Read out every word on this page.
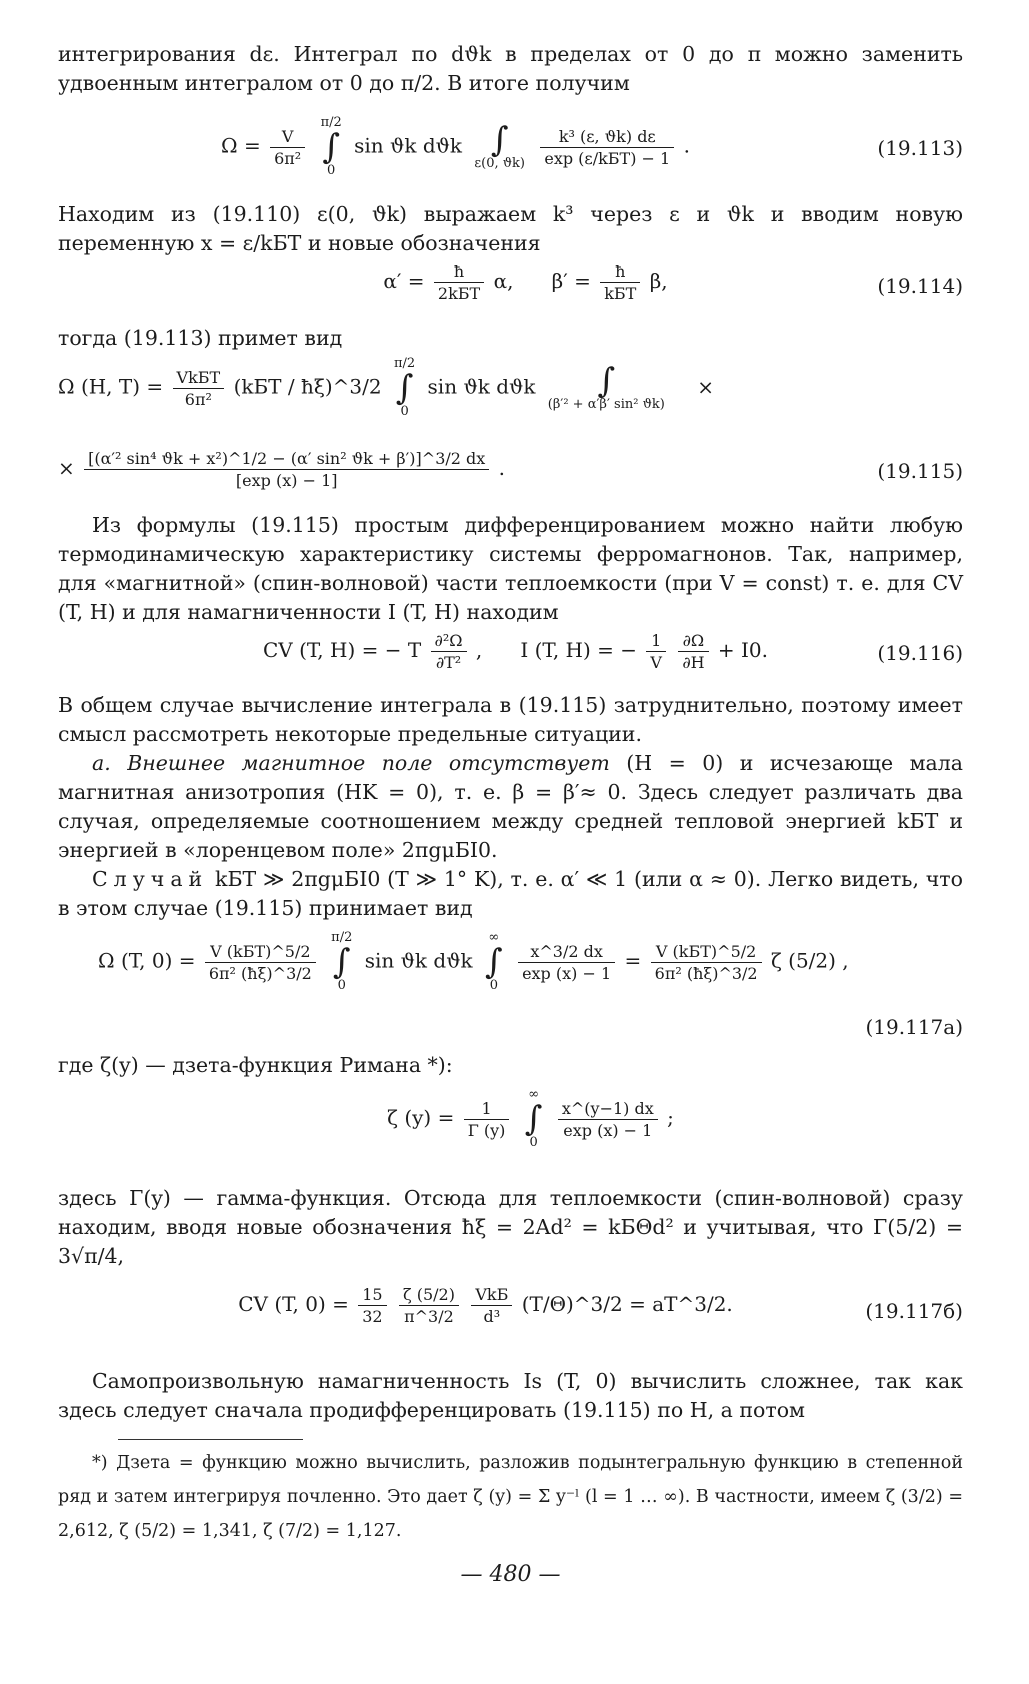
интегрирования dε. Интеграл по dϑk в пределах от 0 до π можно заменить удвоенным интегралом от 0 до π/2. В итоге получим

$\Omega = \frac{V}{\text{6π²}}$

π/2
∫
0
sin ϑk dϑk ∫
ε(0, ϑk)
$\frac{\text{k³ (ε, ϑk) dε}}{\text{exp (ε/kБT) − 1}}$ .	(19.113)

Находим из (19.110) ε(0, ϑk) выражаем k³ через ε и ϑk и вводим новую переменную x = ε/kБT и новые обозначения

$\alpha' = \frac{ħ}{\text{2kБT}} \alpha$, $\beta' = \frac{ħ}{\text{kБT}} \beta$,	(19.114)

тогда (19.113) примет вид

Ω (H, $T) = \frac{\text{VkБT}}{\text{6π²}} (kБT$ / ħξ)^3/2
π/2
∫
0
sin ϑk dϑk	∫
(β′² + α′β′ sin² ϑk)
×
× $\frac{\text{[(α′² sin⁴ ϑk + x²)\textasciicircum{}1/2 − (α′ sin² ϑk + β′)]\textasciicircum{}3/2 dx}}{[\exp (x) - 1]}$ .	(19.115)

Из формулы (19.115) простым дифференцированием можно найти любую термодинамическую характеристику системы ферромагнонов. Так, например, для «магнитной» (спин-волновой) части теплоемкости (при V = const) т. е. для CV (T, H) и для намагниченности I (T, H) находим

CV (T, H) = − T $\frac{\text{∂²Ω}}{\text{∂T²}}$ , I (T, H) = − $\frac{1}{V}$
$\frac{\partial\Omega}{\partial H} + I0$.	(19.116)

В общем случае вычисление интеграла в (19.115) затруднительно, поэтому имеет смысл рассмотреть некоторые предельные ситуации.

а. Внешнее магнитное поле отсутствует (H = 0) и исчезающе мала магнитная анизотропия (HK = 0), т. е. β = β′≈ 0. Здесь следует различать два случая, определяемые соотношением между средней тепловой энергией kБT и энергией в «лоренцевом поле» 2πgμБI0.

Случай kБT ≫ 2πgμБI0 (T ≫ 1° K), т. е. α′ ≪ 1 (или α ≈ 0). Легко видеть, что в этом случае (19.115) принимает вид

Ω (T, $0) = \frac{\text{V (kБT)\textasciicircum{}5/2}}{\text{6π² (ħξ)\textasciicircum{}3/2}}$

π/2
∫
0
sin ϑk dϑk
∞
∫
0

$\frac{x\^{}3/2 dx}{\exp (x) - 1} = \frac{\text{V (kБT)\textasciicircum{}5/2}}{\text{6π² (ħξ)\textasciicircum{}3/2}}$ ζ (5/2) ,
(19.117а)

где ζ(y) — дзета-функция Римана *):

ζ $(y) = \frac{1}{\Gamma (y)}$

∞
∫
0

$\frac{x\^{}(y-1) dx}{\exp (x) - 1}$ ;

здесь Γ(y) — гамма-функция. Отсюда для теплоемкости (спин-волновой) сразу находим, вводя новые обозначения ħξ = 2Ad² = kБΘd² и учитывая, что Γ(5/2) = 3√π/4,

CV (T, $0) = \frac{15}{32}$
$\frac{\zeta (5/2)}{\pi\^{}3/2}$
$\frac{\text{VkБ}}{\text{d³}}$ (T/Θ)^3/2 = aT^3/2.	(19.117б)

Самопроизвольную намагниченность Is (T, 0) вычислить сложнее, так как здесь следует сначала продифференцировать (19.115) по H, а потом

*) Дзета = функцию можно вычислить, разложив подынтегральную функцию в степенной ряд и затем интегрируя почленно. Это дает ζ (y) = Σ y⁻ˡ (l = 1 … ∞). В частности, имеем ζ (3/2) = 2,612, ζ (5/2) = 1,341, ζ (7/2) = 1,127.

— 480 —
